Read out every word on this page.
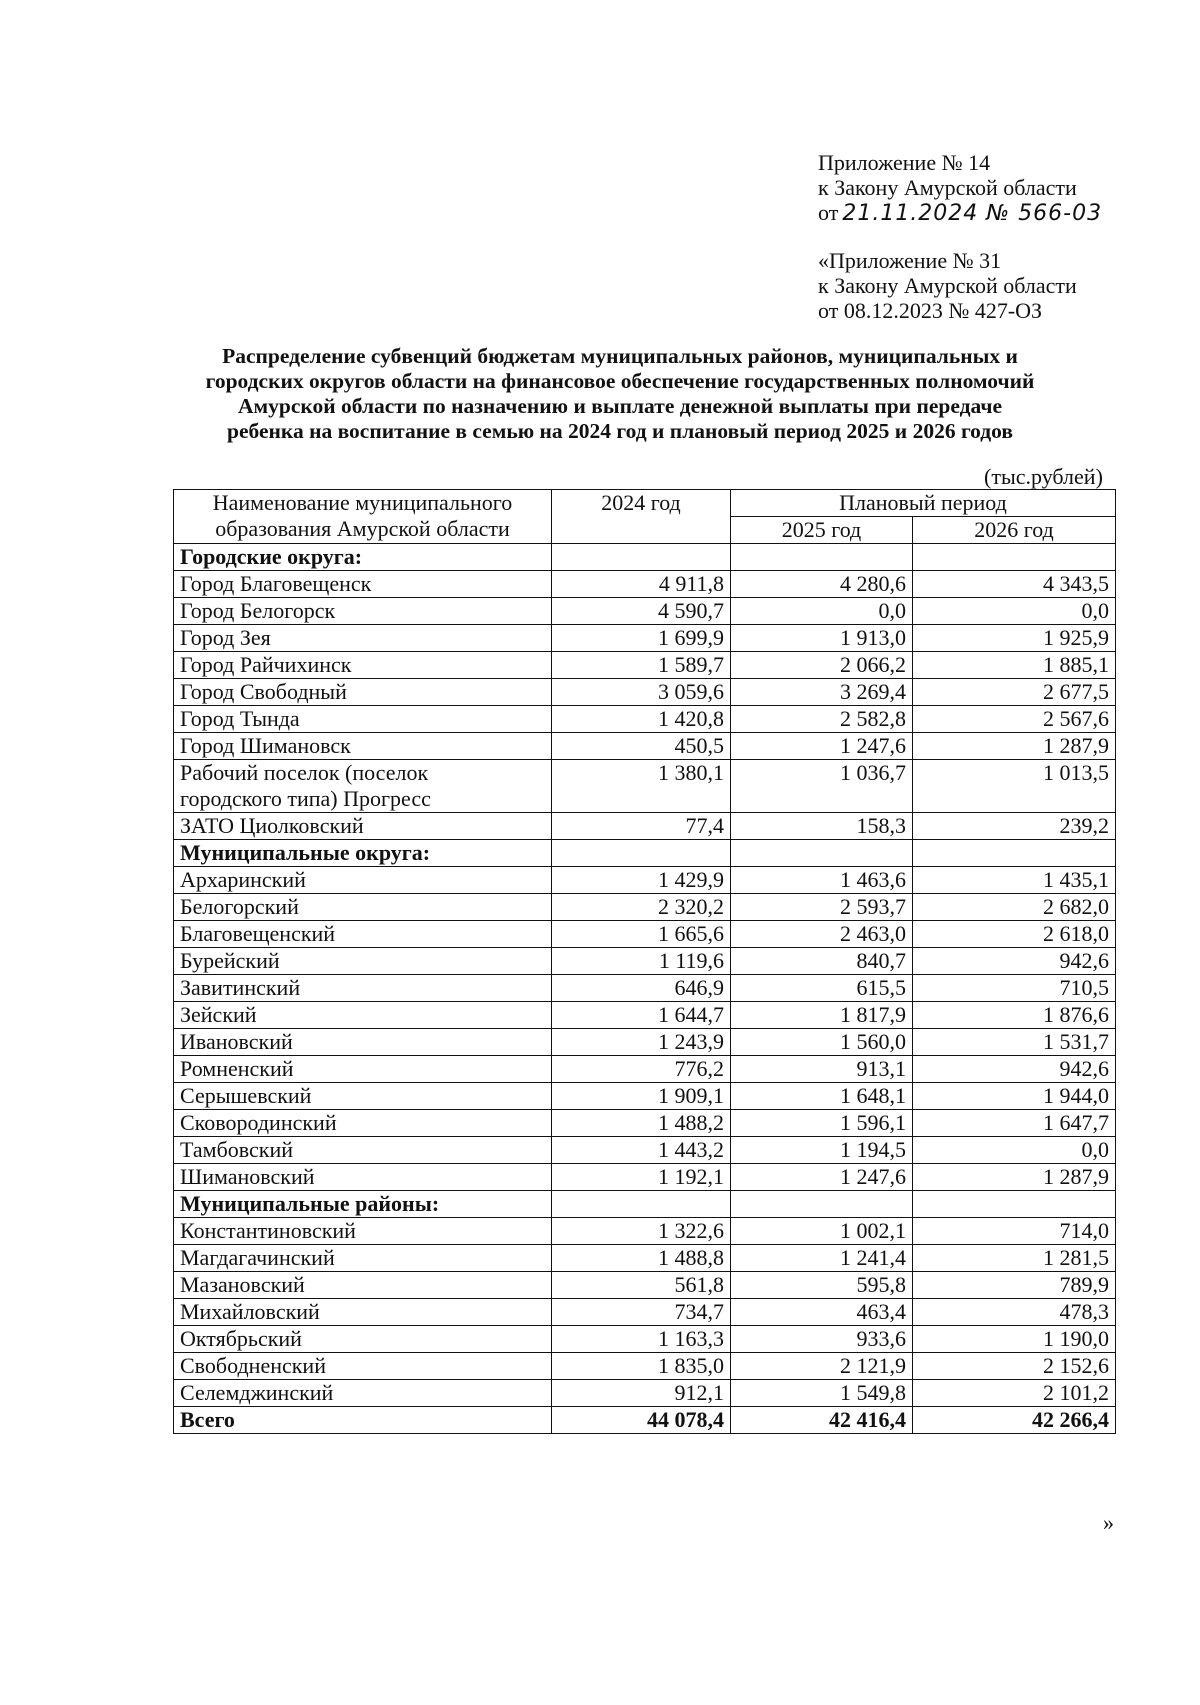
Приложение № 14
к Закону Амурской области
от 21.11.2024 № 566-03
«Приложение № 31
к Закону Амурской области
от 08.12.2023 № 427-ОЗ
Распределение субвенций бюджетам муниципальных районов, муниципальных и
городских округов области на финансовое обеспечение государственных полномочий
Амурской области по назначению и выплате денежной выплаты при передаче
ребенка на воспитание в семью на 2024 год и плановый период 2025 и 2026 годов
(тыс.рублей)
Наименование муниципального
образования Амурской области	2024 год	Плановый период	
		2025 год	2026 год

Городские округа:			

Город Благовещенск	4 911,8	4 280,6	4 343,5

Город Белогорск	4 590,7	0,0	0,0

Город Зея	1 699,9	1 913,0	1 925,9

Город Райчихинск	1 589,7	2 066,2	1 885,1

Город Свободный	3 059,6	3 269,4	2 677,5

Город Тында	1 420,8	2 582,8	2 567,6

Город Шимановск	450,5	1 247,6	1 287,9

Рабочий поселок (поселок
городского типа) Прогресс	1 380,1	1 036,7	1 013,5

ЗАТО Циолковский	77,4	158,3	239,2

Муниципальные округа:			

Архаринский	1 429,9	1 463,6	1 435,1

Белогорский	2 320,2	2 593,7	2 682,0

Благовещенский	1 665,6	2 463,0	2 618,0

Бурейский	1 119,6	840,7	942,6

Завитинский	646,9	615,5	710,5

Зейский	1 644,7	1 817,9	1 876,6

Ивановский	1 243,9	1 560,0	1 531,7

Ромненский	776,2	913,1	942,6

Серышевский	1 909,1	1 648,1	1 944,0

Сковородинский	1 488,2	1 596,1	1 647,7

Тамбовский	1 443,2	1 194,5	0,0

Шимановский	1 192,1	1 247,6	1 287,9

Муниципальные районы:			

Константиновский	1 322,6	1 002,1	714,0

Магдагачинский	1 488,8	1 241,4	1 281,5

Мазановский	561,8	595,8	789,9

Михайловский	734,7	463,4	478,3

Октябрьский	1 163,3	933,6	1 190,0

Свободненский	1 835,0	2 121,9	2 152,6

Селемджинский	912,1	1 549,8	2 101,2

Всего	44 078,4	42 416,4	42 266,4
»
